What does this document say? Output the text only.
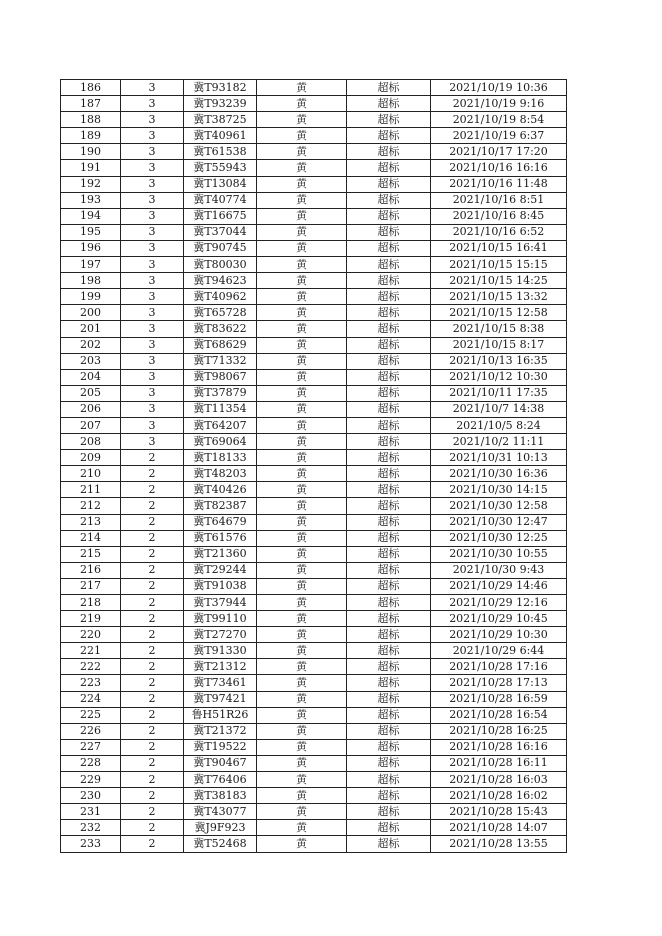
186	3	冀T93182	黄	超标	2021/10/19 10:36
187	3	冀T93239	黄	超标	2021/10/19 9:16
188	3	冀T38725	黄	超标	2021/10/19 8:54
189	3	冀T40961	黄	超标	2021/10/19 6:37
190	3	冀T61538	黄	超标	2021/10/17 17:20
191	3	冀T55943	黄	超标	2021/10/16 16:16
192	3	冀T13084	黄	超标	2021/10/16 11:48
193	3	冀T40774	黄	超标	2021/10/16 8:51
194	3	冀T16675	黄	超标	2021/10/16 8:45
195	3	冀T37044	黄	超标	2021/10/16 6:52
196	3	冀T90745	黄	超标	2021/10/15 16:41
197	3	冀T80030	黄	超标	2021/10/15 15:15
198	3	冀T94623	黄	超标	2021/10/15 14:25
199	3	冀T40962	黄	超标	2021/10/15 13:32
200	3	冀T65728	黄	超标	2021/10/15 12:58
201	3	冀T83622	黄	超标	2021/10/15 8:38
202	3	冀T68629	黄	超标	2021/10/15 8:17
203	3	冀T71332	黄	超标	2021/10/13 16:35
204	3	冀T98067	黄	超标	2021/10/12 10:30
205	3	冀T37879	黄	超标	2021/10/11 17:35
206	3	冀T11354	黄	超标	2021/10/7 14:38
207	3	冀T64207	黄	超标	2021/10/5 8:24
208	3	冀T69064	黄	超标	2021/10/2 11:11
209	2	冀T18133	黄	超标	2021/10/31 10:13
210	2	冀T48203	黄	超标	2021/10/30 16:36
211	2	冀T40426	黄	超标	2021/10/30 14:15
212	2	冀T82387	黄	超标	2021/10/30 12:58
213	2	冀T64679	黄	超标	2021/10/30 12:47
214	2	冀T61576	黄	超标	2021/10/30 12:25
215	2	冀T21360	黄	超标	2021/10/30 10:55
216	2	冀T29244	黄	超标	2021/10/30 9:43
217	2	冀T91038	黄	超标	2021/10/29 14:46
218	2	冀T37944	黄	超标	2021/10/29 12:16
219	2	冀T99110	黄	超标	2021/10/29 10:45
220	2	冀T27270	黄	超标	2021/10/29 10:30
221	2	冀T91330	黄	超标	2021/10/29 6:44
222	2	冀T21312	黄	超标	2021/10/28 17:16
223	2	冀T73461	黄	超标	2021/10/28 17:13
224	2	冀T97421	黄	超标	2021/10/28 16:59
225	2	鲁H51R26	黄	超标	2021/10/28 16:54
226	2	冀T21372	黄	超标	2021/10/28 16:25
227	2	冀T19522	黄	超标	2021/10/28 16:16
228	2	冀T90467	黄	超标	2021/10/28 16:11
229	2	冀T76406	黄	超标	2021/10/28 16:03
230	2	冀T38183	黄	超标	2021/10/28 16:02
231	2	冀T43077	黄	超标	2021/10/28 15:43
232	2	冀J9F923	黄	超标	2021/10/28 14:07
233	2	冀T52468	黄	超标	2021/10/28 13:55
